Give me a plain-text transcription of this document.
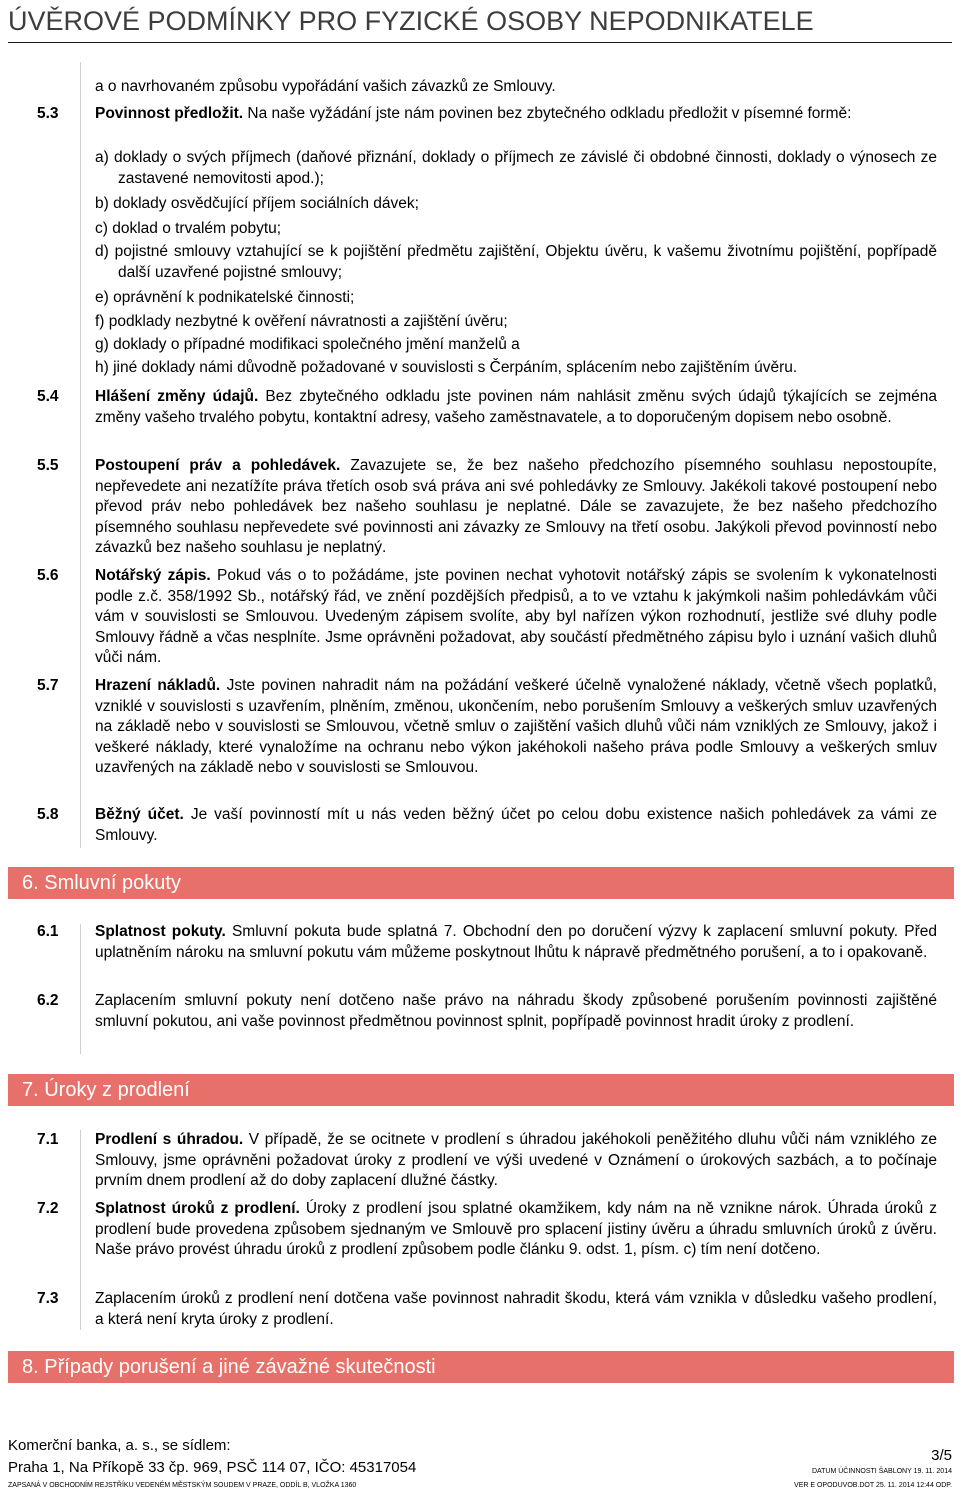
ÚVĚROVÉ PODMÍNKY PRO FYZICKÉ OSOBY NEPODNIKATELE
a o navrhovaném způsobu vypořádání vašich závazků ze Smlouvy.
5.3 Povinnost předložit. Na naše vyžádání jste nám povinen bez zbytečného odkladu předložit v písemné formě:
a) doklady o svých příjmech (daňové přiznání, doklady o příjmech ze závislé či obdobné činnosti, doklady o výnosech ze zastavené nemovitosti apod.);
b) doklady osvědčující příjem sociálních dávek;
c) doklad o trvalém pobytu;
d) pojistné smlouvy vztahující se k pojištění předmětu zajištění, Objektu úvěru, k vašemu životnímu pojištění, popřípadě další uzavřené pojistné smlouvy;
e) oprávnění k podnikatelské činnosti;
f) podklady nezbytné k ověření návratnosti a zajištění úvěru;
g) doklady o případné modifikaci společného jmění manželů a
h) jiné doklady námi důvodně požadované v souvislosti s Čerpáním, splácením nebo zajištěním úvěru.
5.4 Hlášení změny údajů. Bez zbytečného odkladu jste povinen nám nahlásit změnu svých údajů týkajících se zejména změny vašeho trvalého pobytu, kontaktní adresy, vašeho zaměstnavatele, a to doporučeným dopisem nebo osobně.
5.5 Postoupení práv a pohledávek. Zavazujete se, že bez našeho předchozího písemného souhlasu nepostoupíte, nepřevedete ani nezatížíte práva třetích osob svá práva ani své pohledávky ze Smlouvy. Jakékoli takové postoupení nebo převod práv nebo pohledávek bez našeho souhlasu je neplatné. Dále se zavazujete, že bez našeho předchozího písemného souhlasu nepřevedete své povinnosti ani závazky ze Smlouvy na třetí osobu. Jakýkoli převod povinností nebo závazků bez našeho souhlasu je neplatný.
5.6 Notářský zápis. Pokud vás o to požádáme, jste povinen nechat vyhotovit notářský zápis se svolením k vykonatelnosti podle z.č. 358/1992 Sb., notářský řád, ve znění pozdějších předpisů, a to ve vztahu k jakýmkoli našim pohledávkám vůči vám v souvislosti se Smlouvou. Uvedeným zápisem svolíte, aby byl nařízen výkon rozhodnutí, jestliže své dluhy podle Smlouvy řádně a včas nesplníte. Jsme oprávněni požadovat, aby součástí předmětného zápisu bylo i uznání vašich dluhů vůči nám.
5.7 Hrazení nákladů. Jste povinen nahradit nám na požádání veškeré účelně vynaložené náklady, včetně všech poplatků, vzniklé v souvislosti s uzavřením, plněním, změnou, ukončením, nebo porušením Smlouvy a veškerých smluv uzavřených na základě nebo v souvislosti se Smlouvou, včetně smluv o zajištění vašich dluhů vůči nám vzniklých ze Smlouvy, jakož i veškeré náklady, které vynaložíme na ochranu nebo výkon jakéhokoli našeho práva podle Smlouvy a veškerých smluv uzavřených na základě nebo v souvislosti se Smlouvou.
5.8 Běžný účet. Je vaší povinností mít u nás veden běžný účet po celou dobu existence našich pohledávek za vámi ze Smlouvy.
6. Smluvní pokuty
6.1 Splatnost pokuty. Smluvní pokuta bude splatná 7. Obchodní den po doručení výzvy k zaplacení smluvní pokuty. Před uplatněním nároku na smluvní pokutu vám můžeme poskytnout lhůtu k nápravě předmětného porušení, a to i opakovaně.
6.2 Zaplacením smluvní pokuty není dotčeno naše právo na náhradu škody způsobené porušením povinnosti zajištěné smluvní pokutou, ani vaše povinnost předmětnou povinnost splnit, popřípadě povinnost hradit úroky z prodlení.
7. Úroky z prodlení
7.1 Prodlení s úhradou. V případě, že se ocitnete v prodlení s úhradou jakéhokoli peněžitého dluhu vůči nám vzniklého ze Smlouvy, jsme oprávněni požadovat úroky z prodlení ve výši uvedené v Oznámení o úrokových sazbách, a to počínaje prvním dnem prodlení až do doby zaplacení dlužné částky.
7.2 Splatnost úroků z prodlení. Úroky z prodlení jsou splatné okamžikem, kdy nám na ně vznikne nárok. Úhrada úroků z prodlení bude provedena způsobem sjednaným ve Smlouvě pro splacení jistiny úvěru a úhradu smluvních úroků z úvěru. Naše právo provést úhradu úroků z prodlení způsobem podle článku 9. odst. 1, písm. c) tím není dotčeno.
7.3 Zaplacením úroků z prodlení není dotčena vaše povinnost nahradit škodu, která vám vznikla v důsledku vašeho prodlení, a která není kryta úroky z prodlení.
8. Případy porušení a jiné závažné skutečnosti
Komerční banka, a. s., se sídlem:
Praha 1, Na Příkopě 33 čp. 969, PSČ 114 07, IČO: 45317054
ZAPSANÁ V OBCHODNÍM REJSTŘÍKU VEDENÉM MĚSTSKÝM SOUDEM V PRAZE, ODDÍL B, VLOŽKA 1360
3/5
DATUM ÚČINNOSTI ŠABLONY 19. 11. 2014
VER E OPODUVOB.DOT 25. 11. 2014 12:44 ODP.
